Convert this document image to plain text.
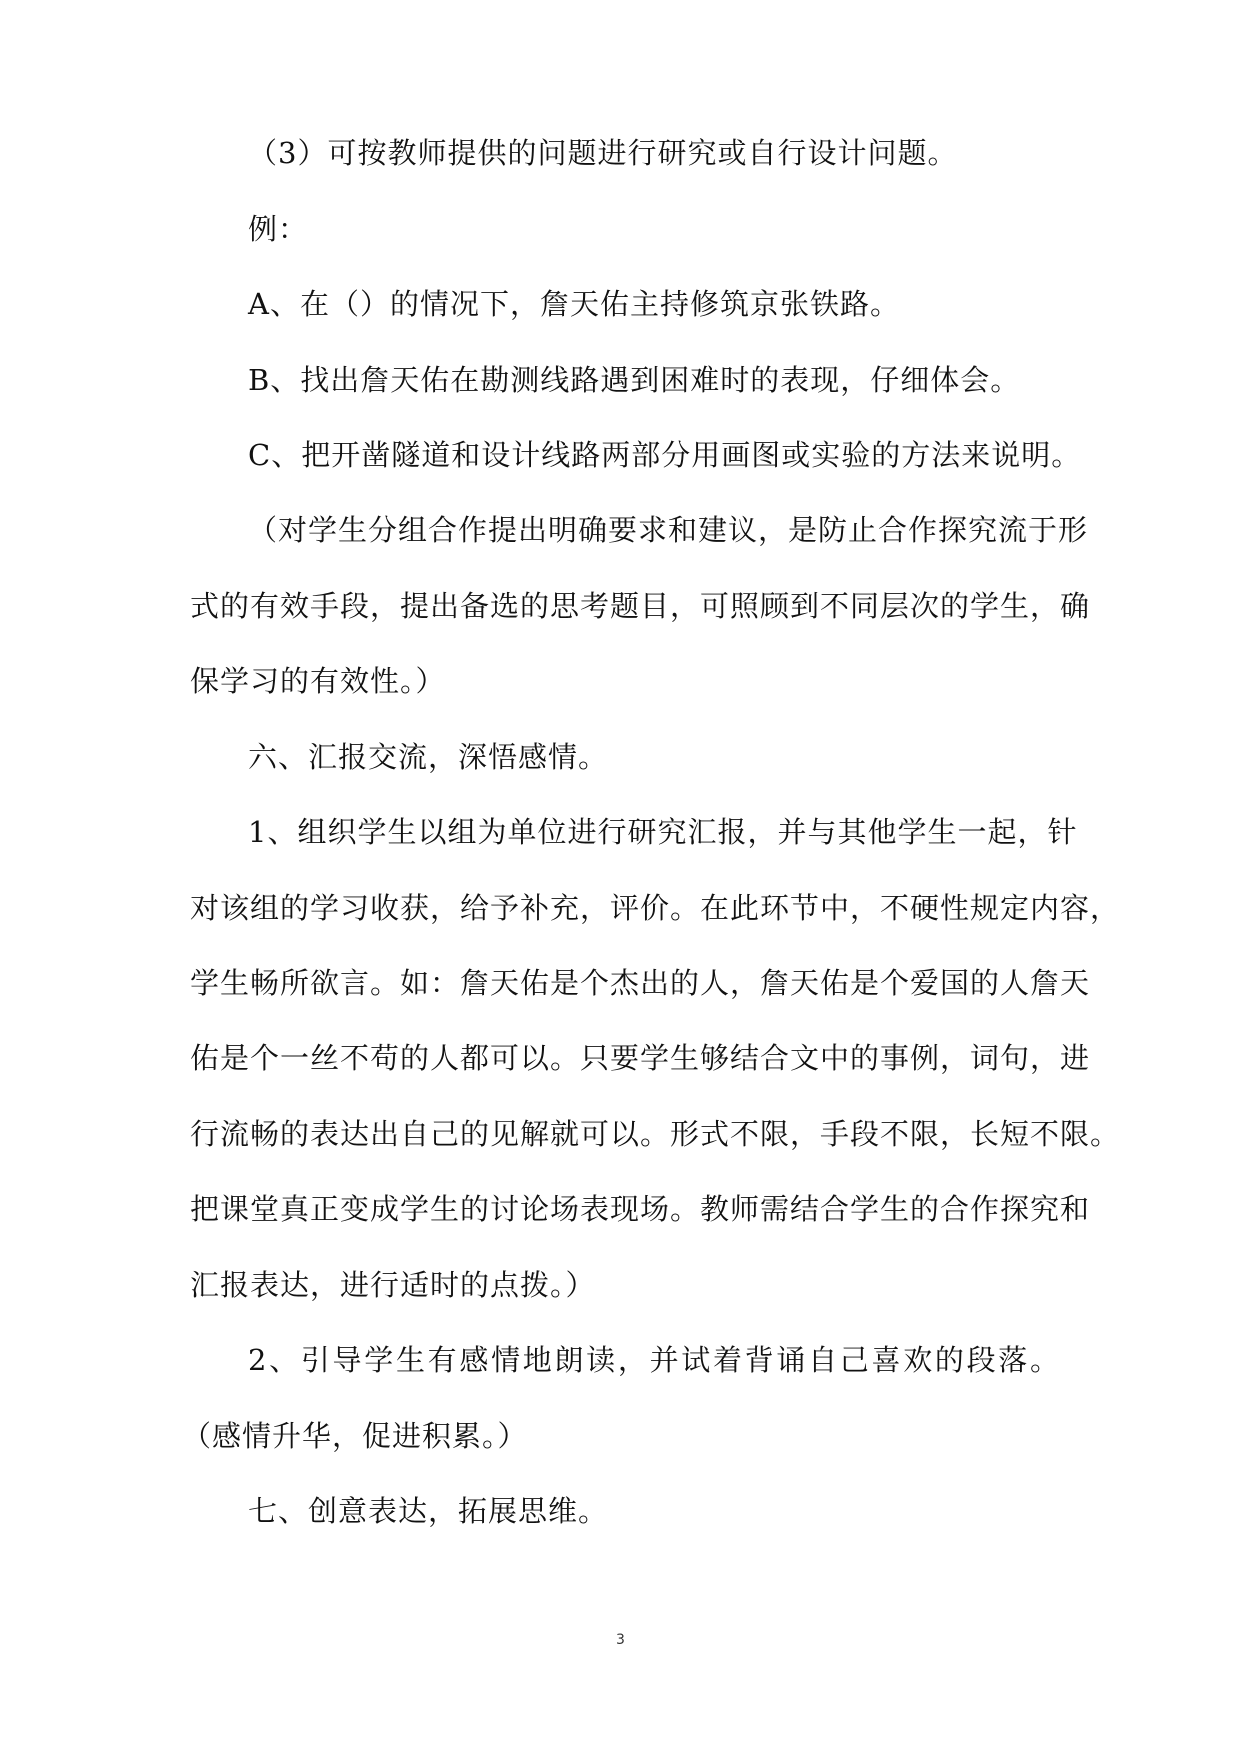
（3）可按教师提供的问题进行研究或自行设计问题。
例：
A、在（）的情况下，詹天佑主持修筑京张铁路。
B、找出詹天佑在勘测线路遇到困难时的表现，仔细体会。
C、把开凿隧道和设计线路两部分用画图或实验的方法来说明。
（对学生分组合作提出明确要求和建议，是防止合作探究流于形
式的有效手段，提出备选的思考题目，可照顾到不同层次的学生，确
保学习的有效性。）
六、汇报交流，深悟感情。
1、组织学生以组为单位进行研究汇报，并与其他学生一起，针
对该组的学习收获，给予补充，评价。在此环节中，不硬性规定内容，
学生畅所欲言。如：詹天佑是个杰出的人，詹天佑是个爱国的人詹天
佑是个一丝不苟的人都可以。只要学生够结合文中的事例，词句，进
行流畅的表达出自己的见解就可以。形式不限，手段不限，长短不限。
把课堂真正变成学生的讨论场表现场。教师需结合学生的合作探究和
汇报表达，进行适时的点拨。）
2、引导学生有感情地朗读，并试着背诵自己喜欢的段落。
（感情升华，促进积累。）
七、创意表达，拓展思维。
3
